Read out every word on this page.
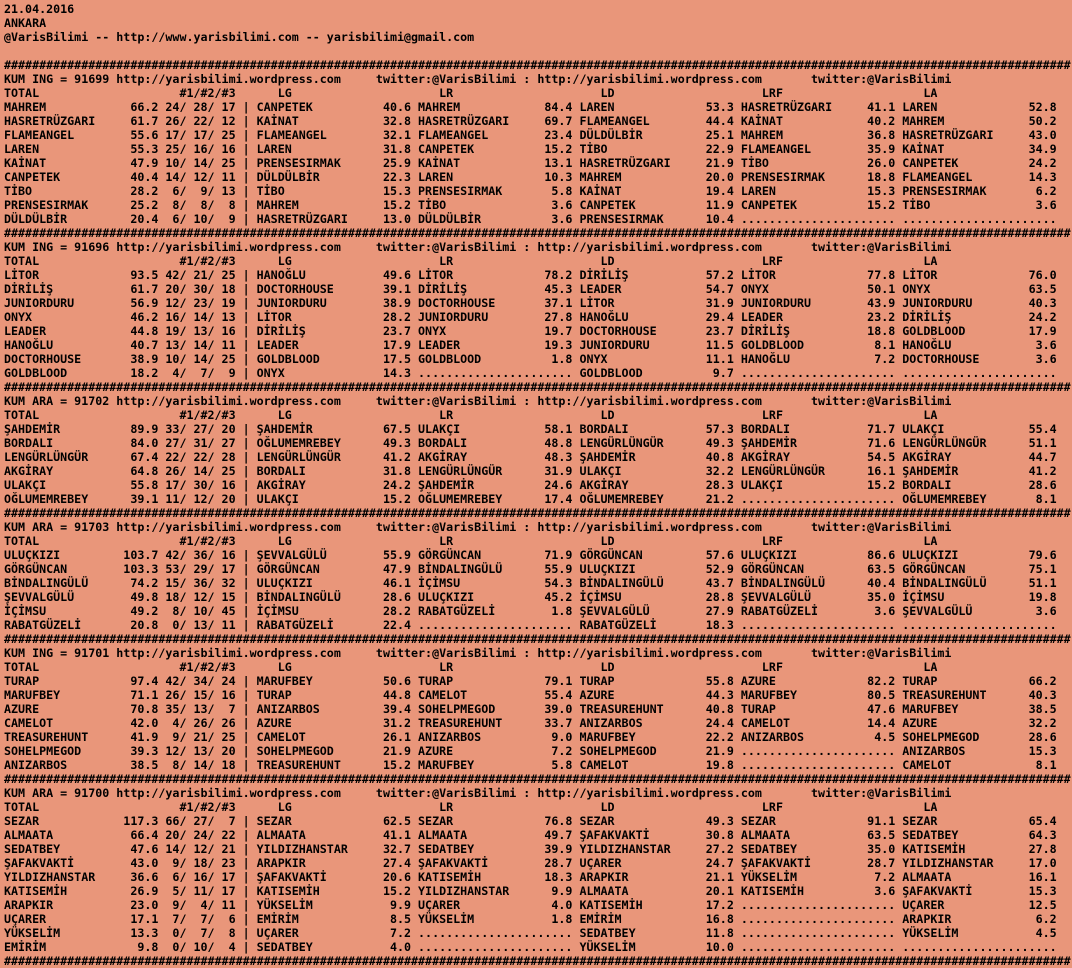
21.04.2016
ANKARA
@VarisBilimi -- http://www.yarisbilimi.com -- yarisbilimi@gmail.com

########################################################################################################################################################
KUM ING = 91699 http://yarisbilimi.wordpress.com     twitter:@VarisBilimi : http://yarisbilimi.wordpress.com       twitter:@VarisBilimi
TOTAL                    #1/#2/#3      LG                     LR                     LD                     LRF                    LA
MAHREM            66.2 24/ 28/ 17 | CANPETEK          40.6 MAHREM            84.4 LAREN             53.3 HASRETRÜZGARI     41.1 LAREN             52.8
HASRETRÜZGARI     61.7 26/ 22/ 12 | KAİNAT            32.8 HASRETRÜZGARI     69.7 FLAMEANGEL        44.4 KAİNAT            40.2 MAHREM            50.2
FLAMEANGEL        55.6 17/ 17/ 25 | FLAMEANGEL        32.1 FLAMEANGEL        23.4 DÜLDÜLBİR         25.1 MAHREM            36.8 HASRETRÜZGARI     43.0
LAREN             55.3 25/ 16/ 16 | LAREN             31.8 CANPETEK          15.2 TİBO              22.9 FLAMEANGEL        35.9 KAİNAT            34.9
KAİNAT            47.9 10/ 14/ 25 | PRENSESIRMAK      25.9 KAİNAT            13.1 HASRETRÜZGARI     21.9 TİBO              26.0 CANPETEK          24.2
CANPETEK          40.4 14/ 12/ 11 | DÜLDÜLBİR         22.3 LAREN             10.3 MAHREM            20.0 PRENSESIRMAK      18.8 FLAMEANGEL        14.3
TİBO              28.2  6/  9/ 13 | TİBO              15.3 PRENSESIRMAK       5.8 KAİNAT            19.4 LAREN             15.3 PRENSESIRMAK       6.2
PRENSESIRMAK      25.2  8/  8/  8 | MAHREM            15.2 TİBO               3.6 CANPETEK          11.9 CANPETEK          15.2 TİBO               3.6
DÜLDÜLBİR         20.4  6/ 10/  9 | HASRETRÜZGARI     13.0 DÜLDÜLBİR          3.6 PRENSESIRMAK      10.4 ...................... ......................
########################################################################################################################################################
KUM ING = 91696 http://yarisbilimi.wordpress.com     twitter:@VarisBilimi : http://yarisbilimi.wordpress.com       twitter:@VarisBilimi
TOTAL                    #1/#2/#3      LG                     LR                     LD                     LRF                    LA
LİTOR             93.5 42/ 21/ 25 | HANOĞLU           49.6 LİTOR             78.2 DİRİLİŞ           57.2 LİTOR             77.8 LİTOR             76.0
DİRİLİŞ           61.7 20/ 30/ 18 | DOCTORHOUSE       39.1 DİRİLİŞ           45.3 LEADER            54.7 ONYX              50.1 ONYX              63.5
JUNIORDURU        56.9 12/ 23/ 19 | JUNIORDURU        38.9 DOCTORHOUSE       37.1 LİTOR             31.9 JUNIORDURU        43.9 JUNIORDURU        40.3
ONYX              46.2 16/ 14/ 13 | LİTOR             28.2 JUNIORDURU        27.8 HANOĞLU           29.4 LEADER            23.2 DİRİLİŞ           24.2
LEADER            44.8 19/ 13/ 16 | DİRİLİŞ           23.7 ONYX              19.7 DOCTORHOUSE       23.7 DİRİLİŞ           18.8 GOLDBLOOD         17.9
HANOĞLU           40.7 13/ 14/ 11 | LEADER            17.9 LEADER            19.3 JUNIORDURU        11.5 GOLDBLOOD          8.1 HANOĞLU            3.6
DOCTORHOUSE       38.9 10/ 14/ 25 | GOLDBLOOD         17.5 GOLDBLOOD          1.8 ONYX              11.1 HANOĞLU            7.2 DOCTORHOUSE        3.6
GOLDBLOOD         18.2  4/  7/  9 | ONYX              14.3 ...................... GOLDBLOOD          9.7 ...................... ......................
########################################################################################################################################################
KUM ARA = 91702 http://yarisbilimi.wordpress.com     twitter:@VarisBilimi : http://yarisbilimi.wordpress.com       twitter:@VarisBilimi
TOTAL                    #1/#2/#3      LG                     LR                     LD                     LRF                    LA
ŞAHDEMİR          89.9 33/ 27/ 20 | ŞAHDEMİR          67.5 ULAKÇI            58.1 BORDALI           57.3 BORDALI           71.7 ULAKÇI            55.4
BORDALI           84.0 27/ 31/ 27 | OĞLUMEMREBEY      49.3 BORDALI           48.8 LENGÜRLÜNGÜR      49.3 ŞAHDEMİR          71.6 LENGÜRLÜNGÜR      51.1
LENGÜRLÜNGÜR      67.4 22/ 22/ 28 | LENGÜRLÜNGÜR      41.2 AKGİRAY           48.3 ŞAHDEMİR          40.8 AKGİRAY           54.5 AKGİRAY           44.7
AKGİRAY           64.8 26/ 14/ 25 | BORDALI           31.8 LENGÜRLÜNGÜR      31.9 ULAKÇI            32.2 LENGÜRLÜNGÜR      16.1 ŞAHDEMİR          41.2
ULAKÇI            55.8 17/ 30/ 16 | AKGİRAY           24.2 ŞAHDEMİR          24.6 AKGİRAY           28.3 ULAKÇI            15.2 BORDALI           28.6
OĞLUMEMREBEY      39.1 11/ 12/ 20 | ULAKÇI            15.2 OĞLUMEMREBEY      17.4 OĞLUMEMREBEY      21.2 ...................... OĞLUMEMREBEY       8.1
########################################################################################################################################################
KUM ARA = 91703 http://yarisbilimi.wordpress.com     twitter:@VarisBilimi : http://yarisbilimi.wordpress.com       twitter:@VarisBilimi
TOTAL                    #1/#2/#3      LG                     LR                     LD                     LRF                    LA
ULUÇKIZI         103.7 42/ 36/ 16 | ŞEVVALGÜLÜ        55.9 GÖRGÜNCAN         71.9 GÖRGÜNCAN         57.6 ULUÇKIZI          86.6 ULUÇKIZI          79.6
GÖRGÜNCAN        103.3 53/ 29/ 17 | GÖRGÜNCAN         47.9 BİNDALINGÜLÜ      55.9 ULUÇKIZI          52.9 GÖRGÜNCAN         63.5 GÖRGÜNCAN         75.1
BİNDALINGÜLÜ      74.2 15/ 36/ 32 | ULUÇKIZI          46.1 İÇİMSU            54.3 BİNDALINGÜLÜ      43.7 BİNDALINGÜLÜ      40.4 BİNDALINGÜLÜ      51.1
ŞEVVALGÜLÜ        49.8 18/ 12/ 15 | BİNDALINGÜLÜ      28.6 ULUÇKIZI          45.2 İÇİMSU            28.8 ŞEVVALGÜLÜ        35.0 İÇİMSU            19.8
İÇİMSU            49.2  8/ 10/ 45 | İÇİMSU            28.2 RABATGÜZELİ        1.8 ŞEVVALGÜLÜ        27.9 RABATGÜZELİ        3.6 ŞEVVALGÜLÜ         3.6
RABATGÜZELİ       20.8  0/ 13/ 11 | RABATGÜZELİ       22.4 ...................... RABATGÜZELİ       18.3 ...................... ......................
########################################################################################################################################################
KUM ING = 91701 http://yarisbilimi.wordpress.com     twitter:@VarisBilimi : http://yarisbilimi.wordpress.com       twitter:@VarisBilimi
TOTAL                    #1/#2/#3      LG                     LR                     LD                     LRF                    LA
TURAP             97.4 42/ 34/ 24 | MARUFBEY          50.6 TURAP             79.1 TURAP             55.8 AZURE             82.2 TURAP             66.2
MARUFBEY          71.1 26/ 15/ 16 | TURAP             44.8 CAMELOT           55.4 AZURE             44.3 MARUFBEY          80.5 TREASUREHUNT      40.3
AZURE             70.8 35/ 13/  7 | ANIZARBOS         39.4 SOHELPMEGOD       39.0 TREASUREHUNT      40.8 TURAP             47.6 MARUFBEY          38.5
CAMELOT           42.0  4/ 26/ 26 | AZURE             31.2 TREASUREHUNT      33.7 ANIZARBOS         24.4 CAMELOT           14.4 AZURE             32.2
TREASUREHUNT      41.9  9/ 21/ 25 | CAMELOT           26.1 ANIZARBOS          9.0 MARUFBEY          22.2 ANIZARBOS          4.5 SOHELPMEGOD       28.6
SOHELPMEGOD       39.3 12/ 13/ 20 | SOHELPMEGOD       21.9 AZURE              7.2 SOHELPMEGOD       21.9 ...................... ANIZARBOS         15.3
ANIZARBOS         38.5  8/ 14/ 18 | TREASUREHUNT      15.2 MARUFBEY           5.8 CAMELOT           19.8 ...................... CAMELOT            8.1
########################################################################################################################################################
KUM ARA = 91700 http://yarisbilimi.wordpress.com     twitter:@VarisBilimi : http://yarisbilimi.wordpress.com       twitter:@VarisBilimi
TOTAL                    #1/#2/#3      LG                     LR                     LD                     LRF                    LA
SEZAR            117.3 66/ 27/  7 | SEZAR             62.5 SEZAR             76.8 SEZAR             49.3 SEZAR             91.1 SEZAR             65.4
ALMAATA           66.4 20/ 24/ 22 | ALMAATA           41.1 ALMAATA           49.7 ŞAFAKVAKTİ        30.8 ALMAATA           63.5 SEDATBEY          64.3
SEDATBEY          47.6 14/ 12/ 21 | YILDIZHANSTAR     32.7 SEDATBEY          39.9 YILDIZHANSTAR     27.2 SEDATBEY          35.0 KATISEMİH         27.8
ŞAFAKVAKTİ        43.0  9/ 18/ 23 | ARAPKIR           27.4 ŞAFAKVAKTİ        28.7 UÇARER            24.7 ŞAFAKVAKTİ        28.7 YILDIZHANSTAR     17.0
YILDIZHANSTAR     36.6  6/ 16/ 17 | ŞAFAKVAKTİ        20.6 KATISEMİH         18.3 ARAPKIR           21.1 YÜKSELİM           7.2 ALMAATA           16.1
KATISEMİH         26.9  5/ 11/ 17 | KATISEMİH         15.2 YILDIZHANSTAR      9.9 ALMAATA           20.1 KATISEMİH          3.6 ŞAFAKVAKTİ        15.3
ARAPKIR           23.0  9/  4/ 11 | YÜKSELİM           9.9 UÇARER             4.0 KATISEMİH         17.2 ...................... UÇARER            12.5
UÇARER            17.1  7/  7/  6 | EMİRİM             8.5 YÜKSELİM           1.8 EMİRİM            16.8 ...................... ARAPKIR            6.2
YÜKSELİM          13.3  0/  7/  8 | UÇARER             7.2 ...................... SEDATBEY          11.8 ...................... YÜKSELİM           4.5
EMİRİM             9.8  0/ 10/  4 | SEDATBEY           4.0 ...................... YÜKSELİM          10.0 ...................... ......................
########################################################################################################################################################
